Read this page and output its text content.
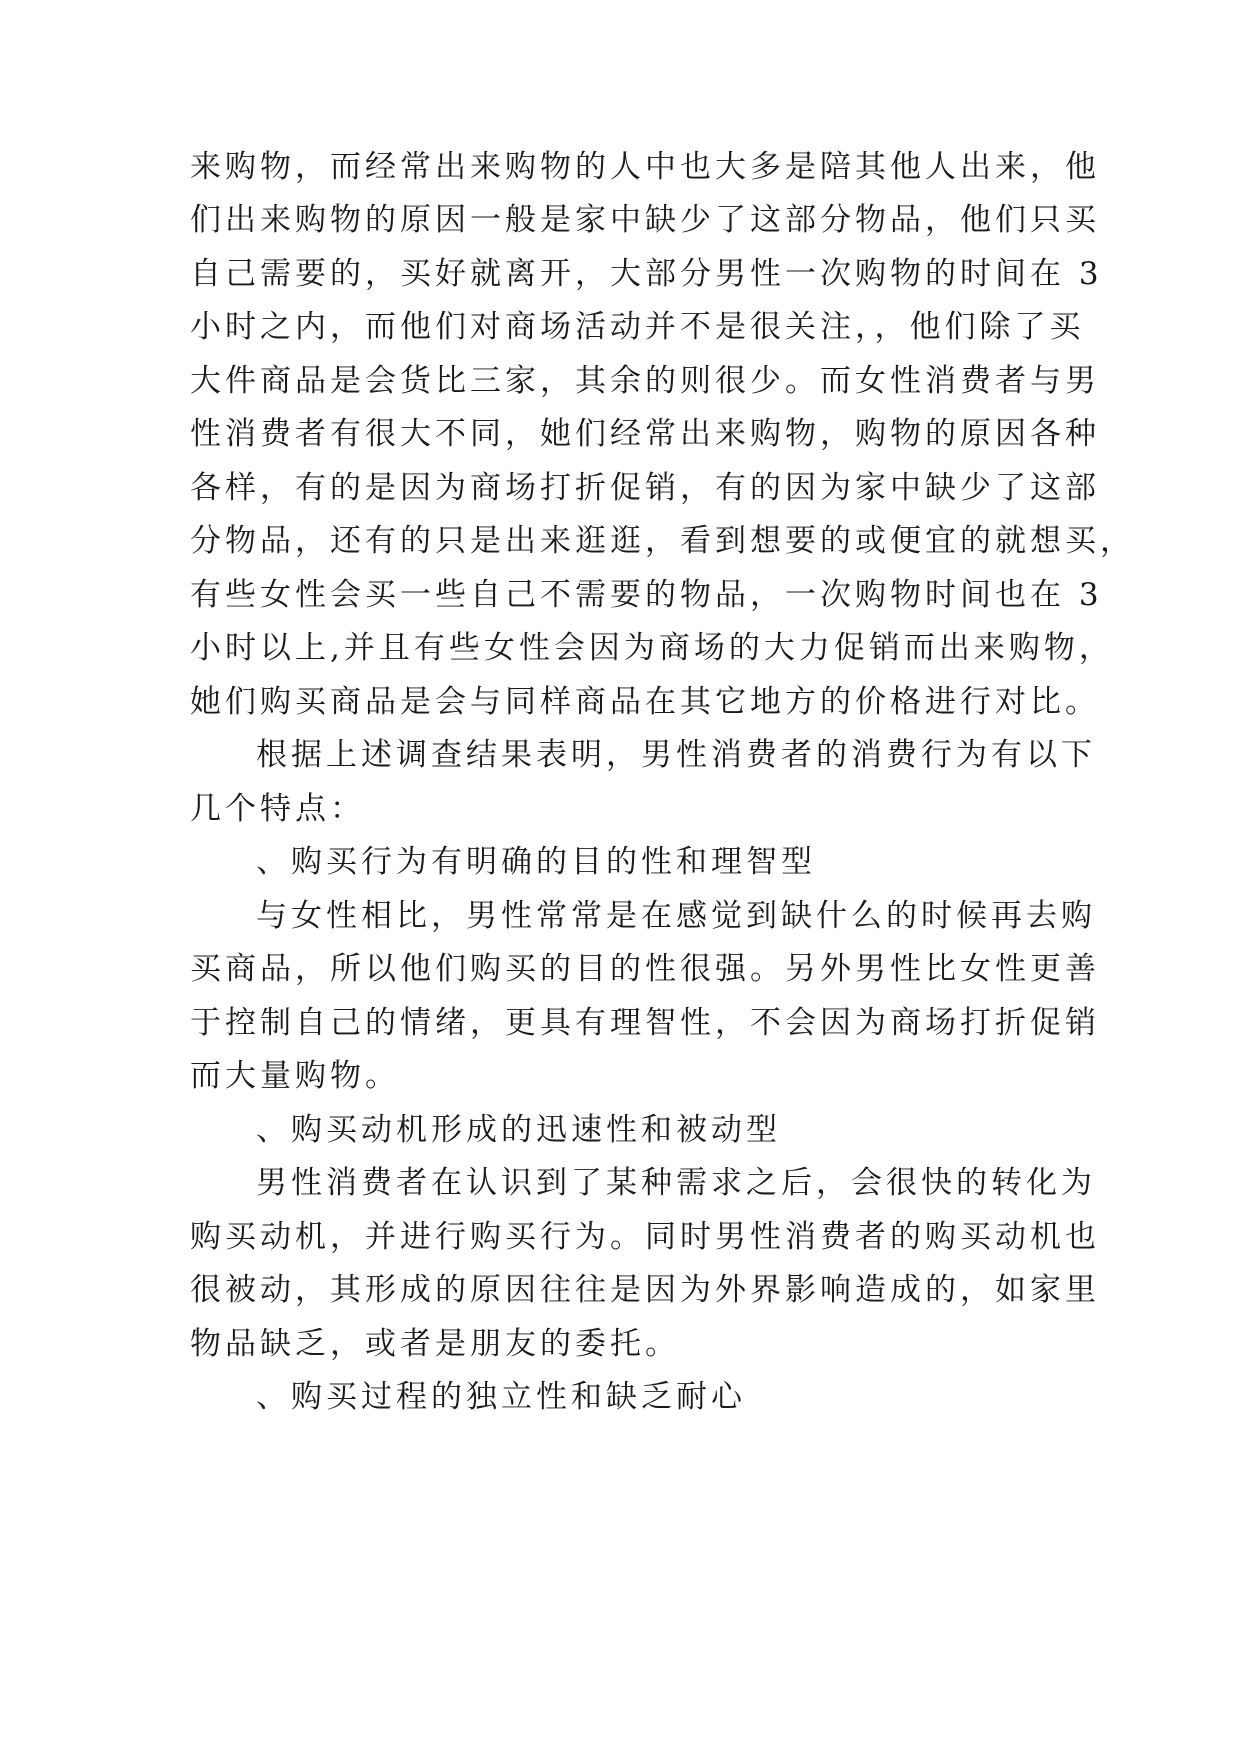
来购物，而经常出来购物的人中也大多是陪其他人出来，他
们出来购物的原因一般是家中缺少了这部分物品，他们只买
自己需要的，买好就离开，大部分男性一次购物的时间在 3
小时之内，而他们对商场活动并不是很关注，，他们除了买
大件商品是会货比三家，其余的则很少。而女性消费者与男
性消费者有很大不同，她们经常出来购物，购物的原因各种
各样，有的是因为商场打折促销，有的因为家中缺少了这部
分物品，还有的只是出来逛逛，看到想要的或便宜的就想买，
有些女性会买一些自己不需要的物品，一次购物时间也在 3
小时以上,并且有些女性会因为商场的大力促销而出来购物，
她们购买商品是会与同样商品在其它地方的价格进行对比。
根据上述调查结果表明，男性消费者的消费行为有以下
几个特点：
、购买行为有明确的目的性和理智型
与女性相比，男性常常是在感觉到缺什么的时候再去购
买商品，所以他们购买的目的性很强。另外男性比女性更善
于控制自己的情绪，更具有理智性，不会因为商场打折促销
而大量购物。
、购买动机形成的迅速性和被动型
男性消费者在认识到了某种需求之后，会很快的转化为
购买动机，并进行购买行为。同时男性消费者的购买动机也
很被动，其形成的原因往往是因为外界影响造成的，如家里
物品缺乏，或者是朋友的委托。
、购买过程的独立性和缺乏耐心
